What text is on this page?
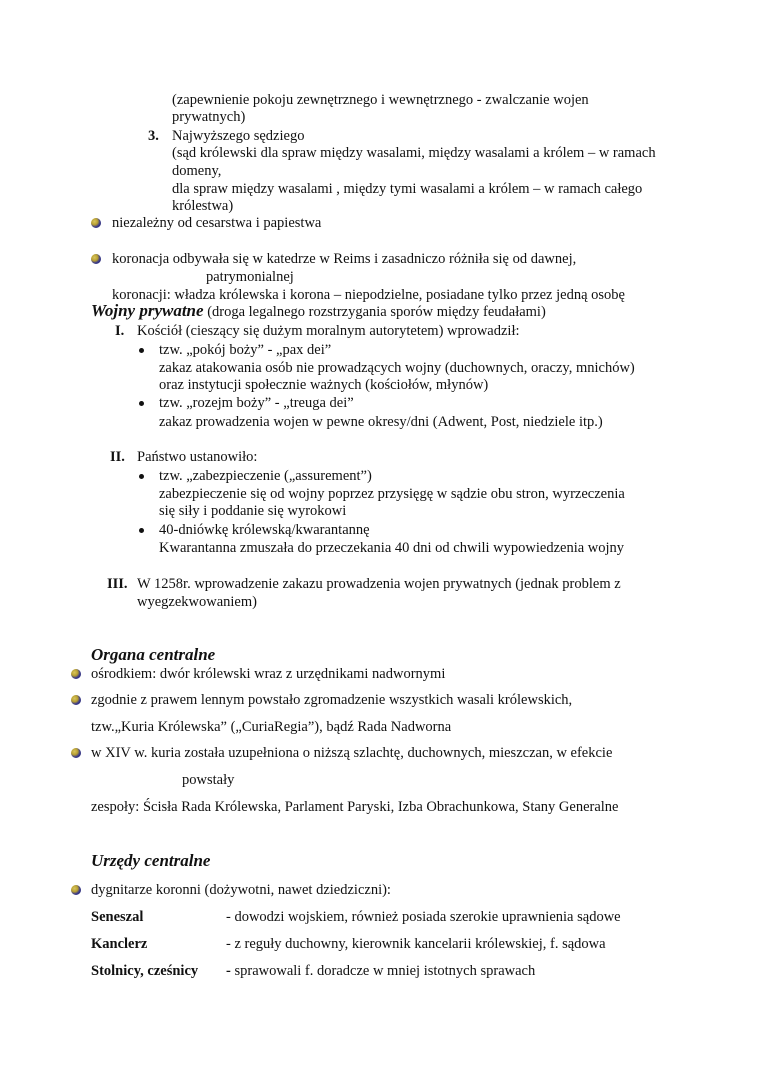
(zapewnienie pokoju zewnętrznego i wewnętrznego - zwalczanie wojen
prywatnych)
3. Najwyższego sędziego
(sąd królewski dla spraw między wasalami, między wasalami a królem – w ramach
domeny,
dla spraw między wasalami , między tymi wasalami a królem – w ramach całego
królestwa)
niezależny od cesarstwa i papiestwa
koronacja odbywała się w katedrze w Reims i zasadniczo różniła się od dawnej,
patrymonialnej
koronacji: władza królewska i korona – niepodzielne, posiadane tylko przez jedną osobę
Wojny prywatne (droga legalnego rozstrzygania sporów między feudałami)
I. Kościół (cieszący się dużym moralnym autorytetem) wprowadził:
tzw. „pokój boży” - „pax dei”
zakaz atakowania osób nie prowadzących wojny (duchownych, oraczy, mnichów)
oraz instytucji społecznie ważnych (kościołów, młynów)
tzw. „rozejm boży” - „treuga dei”
zakaz prowadzenia wojen w pewne okresy/dni (Adwent, Post, niedziele itp.)
II. Państwo ustanowiło:
tzw. „zabezpieczenie („assurement”)
zabezpieczenie się od wojny poprzez przysięgę w sądzie obu stron, wyrzeczenia
się siły i poddanie się wyrokowi
40-dniówkę królewską/kwarantannę
Kwarantanna zmuszała do przeczekania 40 dni od chwili wypowiedzenia wojny
III. W 1258r. wprowadzenie zakazu prowadzenia wojen prywatnych (jednak problem z
wyegzekwowaniem)
Organa centralne
ośrodkiem: dwór królewski wraz z urzędnikami nadwornymi
zgodnie z prawem lennym powstało zgromadzenie wszystkich wasali królewskich,
tzw.„Kuria Królewska” („CuriaRegia”), bądź Rada Nadworna
w XIV w. kuria została uzupełniona o niższą szlachtę, duchownych, mieszczan, w efekcie
powstały
zespoły: Ścisła Rada Królewska, Parlament Paryski, Izba Obrachunkowa, Stany Generalne
Urzędy centralne
dygnitarze koronni (dożywotni, nawet dziedziczni):
Seneszal	- dowodzi wojskiem, również posiada szerokie uprawnienia sądowe
Kanclerz	- z reguły duchowny, kierownik kancelarii królewskiej, f. sądowa
Stolnicy, cześnicy - sprawowali f. doradcze w mniej istotnych sprawach
